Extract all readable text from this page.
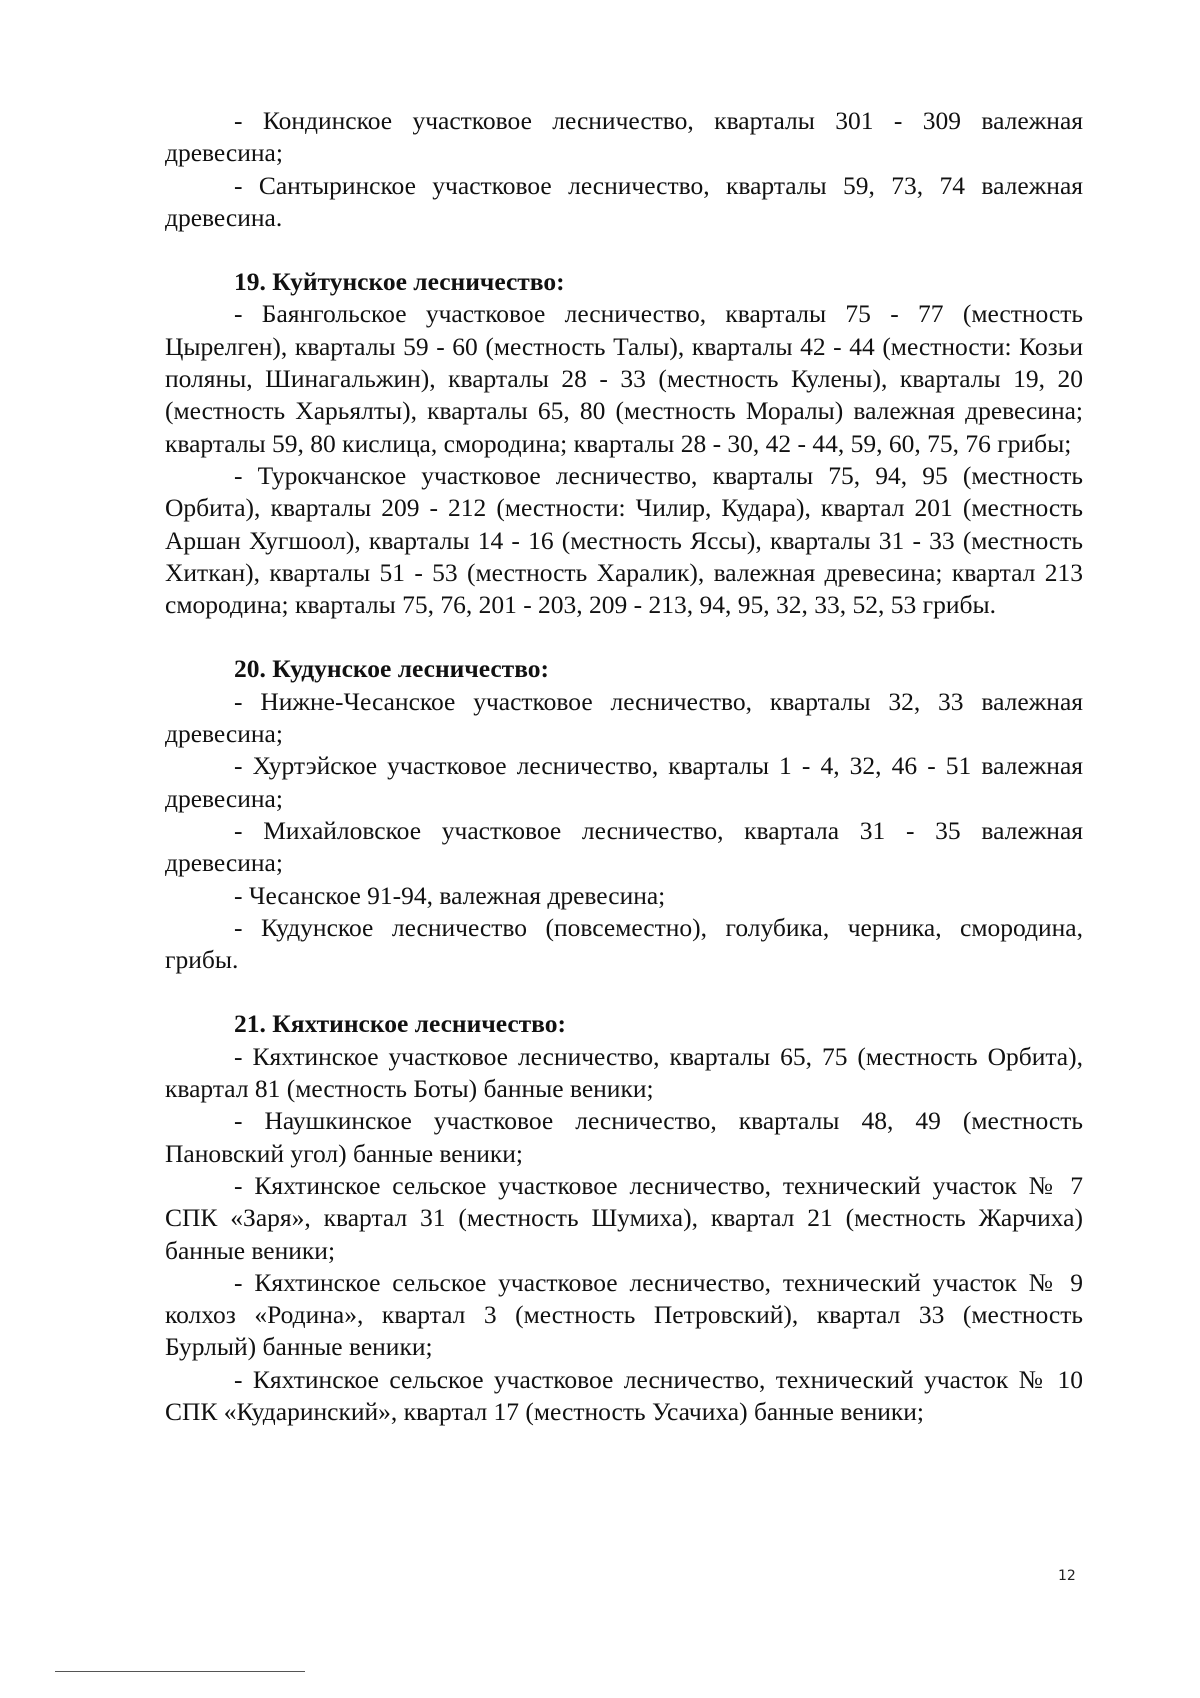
- Кондинское участковое лесничество, кварталы 301 - 309 валежная древесина;

- Сантыринское участковое лесничество, кварталы 59, 73, 74 валежная древесина.

19. Куйтунское лесничество:

- Баянгольское участковое лесничество, кварталы 75 - 77 (местность Цырелген), кварталы 59 - 60 (местность Талы), кварталы 42 - 44 (местности: Козьи поляны, Шинагальжин), кварталы 28 - 33 (местность Кулены), кварталы 19, 20 (местность Харьялты), кварталы 65, 80 (местность Моралы) валежная древесина; кварталы 59, 80 кислица, смородина; кварталы 28 - 30, 42 - 44, 59, 60, 75, 76 грибы;

- Турокчанское участковое лесничество, кварталы 75, 94, 95 (местность Орбита), кварталы 209 - 212 (местности: Чилир, Кудара), квартал 201 (местность Аршан Хугшоол), кварталы 14 - 16 (местность Яссы), кварталы 31 - 33 (местность Хиткан), кварталы 51 - 53 (местность Харалик), валежная древесина; квартал 213 смородина; кварталы 75, 76, 201 - 203, 209 - 213, 94, 95, 32, 33, 52, 53 грибы.

20. Кудунское лесничество:

- Нижне-Чесанское участковое лесничество, кварталы 32, 33 валежная древесина;

- Хуртэйское участковое лесничество, кварталы 1 - 4, 32, 46 - 51 валежная древесина;

- Михайловское участковое лесничество, квартала 31 - 35 валежная древесина;

- Чесанское 91-94, валежная древесина;

- Кудунское лесничество (повсеместно), голубика, черника, смородина, грибы.

21. Кяхтинское лесничество:

- Кяхтинское участковое лесничество, кварталы 65, 75 (местность Орбита), квартал 81 (местность Боты) банные веники;

- Наушкинское участковое лесничество, кварталы 48, 49 (местность Пановский угол) банные веники;

- Кяхтинское сельское участковое лесничество, технический участок № 7 СПК «Заря», квартал 31 (местность Шумиха), квартал 21 (местность Жарчиха) банные веники;

- Кяхтинское сельское участковое лесничество, технический участок № 9 колхоз «Родина», квартал 3 (местность Петровский), квартал 33 (местность Бурлый) банные веники;

- Кяхтинское сельское участковое лесничество, технический участок № 10 СПК «Кударинский», квартал 17 (местность Усачиха) банные веники;

12
